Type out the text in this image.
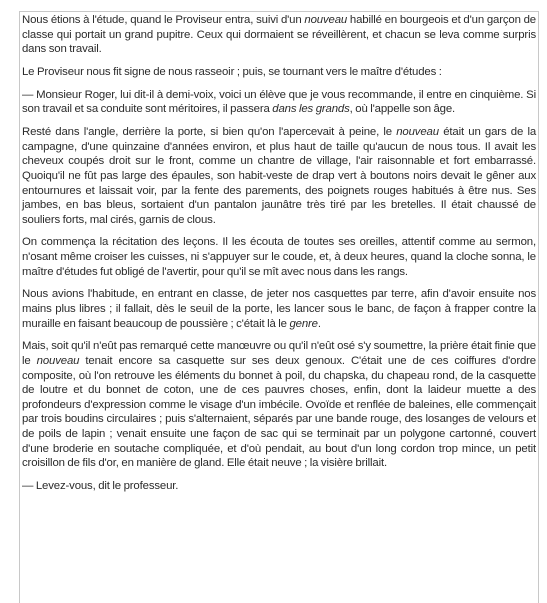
Nous étions à l'étude, quand le Proviseur entra, suivi d'un nouveau habillé en bourgeois et d'un garçon de classe qui portait un grand pupitre. Ceux qui dormaient se réveillèrent, et chacun se leva comme surpris dans son travail.

Le Proviseur nous fit signe de nous rasseoir ; puis, se tournant vers le maître d'études :

— Monsieur Roger, lui dit-il à demi-voix, voici un élève que je vous recommande, il entre en cinquième. Si son travail et sa conduite sont méritoires, il passera dans les grands, où l'appelle son âge.

Resté dans l'angle, derrière la porte, si bien qu'on l'apercevait à peine, le nouveau était un gars de la campagne, d'une quinzaine d'années environ, et plus haut de taille qu'aucun de nous tous. Il avait les cheveux coupés droit sur le front, comme un chantre de village, l'air raisonnable et fort embarrassé. Quoiqu'il ne fût pas large des épaules, son habit-veste de drap vert à boutons noirs devait le gêner aux entournures et laissait voir, par la fente des parements, des poignets rouges habitués à être nus. Ses jambes, en bas bleus, sortaient d'un pantalon jaunâtre très tiré par les bretelles. Il était chaussé de souliers forts, mal cirés, garnis de clous.

On commença la récitation des leçons. Il les écouta de toutes ses oreilles, attentif comme au sermon, n'osant même croiser les cuisses, ni s'appuyer sur le coude, et, à deux heures, quand la cloche sonna, le maître d'études fut obligé de l'avertir, pour qu'il se mît avec nous dans les rangs.

Nous avions l'habitude, en entrant en classe, de jeter nos casquettes par terre, afin d'avoir ensuite nos mains plus libres ; il fallait, dès le seuil de la porte, les lancer sous le banc, de façon à frapper contre la muraille en faisant beaucoup de poussière ; c'était là le genre.

Mais, soit qu'il n'eût pas remarqué cette manœuvre ou qu'il n'eût osé s'y soumettre, la prière était finie que le nouveau tenait encore sa casquette sur ses deux genoux. C'était une de ces coiffures d'ordre composite, où l'on retrouve les éléments du bonnet à poil, du chapska, du chapeau rond, de la casquette de loutre et du bonnet de coton, une de ces pauvres choses, enfin, dont la laideur muette a des profondeurs d'expression comme le visage d'un imbécile. Ovoïde et renflée de baleines, elle commençait par trois boudins circulaires ; puis s'alternaient, séparés par une bande rouge, des losanges de velours et de poils de lapin ; venait ensuite une façon de sac qui se terminait par un polygone cartonné, couvert d'une broderie en soutache compliquée, et d'où pendait, au bout d'un long cordon trop mince, un petit croisillon de fils d'or, en manière de gland. Elle était neuve ; la visière brillait.

— Levez-vous, dit le professeur.
